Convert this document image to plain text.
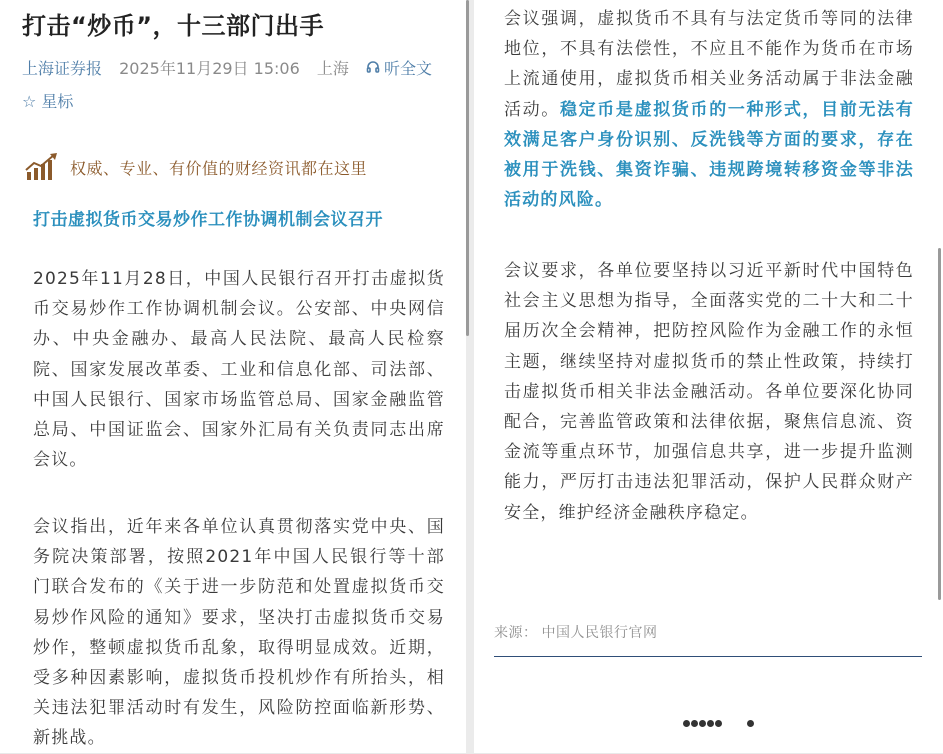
打击“炒币”，十三部门出手
上海证券报 2025年11月29日 15:06 上海 听全文
☆ 星标
权威、专业、有价值的财经资讯都在这里
打击虚拟货币交易炒作工作协调机制会议召开

2025年11月28日，中国人民银行召开打击虚拟货币交易炒作工作协调机制会议。公安部、中央网信办、中央金融办、最高人民法院、最高人民检察院、国家发展改革委、工业和信息化部、司法部、中国人民银行、国家市场监管总局、国家金融监管总局、中国证监会、国家外汇局有关负责同志出席会议。

会议指出，近年来各单位认真贯彻落实党中央、国务院决策部署，按照2021年中国人民银行等十部门联合发布的《关于进一步防范和处置虚拟货币交易炒作风险的通知》要求，坚决打击虚拟货币交易炒作，整顿虚拟货币乱象，取得明显成效。近期，受多种因素影响，虚拟货币投机炒作有所抬头，相关违法犯罪活动时有发生，风险防控面临新形势、新挑战。

会议强调，虚拟货币不具有与法定货币等同的法律地位，不具有法偿性，不应且不能作为货币在市场上流通使用，虚拟货币相关业务活动属于非法金融活动。稳定币是虚拟货币的一种形式，目前无法有效满足客户身份识别、反洗钱等方面的要求，存在被用于洗钱、集资诈骗、违规跨境转移资金等非法活动的风险。

会议要求，各单位要坚持以习近平新时代中国特色社会主义思想为指导，全面落实党的二十大和二十届历次全会精神，把防控风险作为金融工作的永恒主题，继续坚持对虚拟货币的禁止性政策，持续打击虚拟货币相关非法金融活动。各单位要深化协同配合，完善监管政策和法律依据，聚焦信息流、资金流等重点环节，加强信息共享，进一步提升监测能力，严厉打击违法犯罪活动，保护人民群众财产安全，维护经济金融秩序稳定。

来源： 中国人民银行官网
